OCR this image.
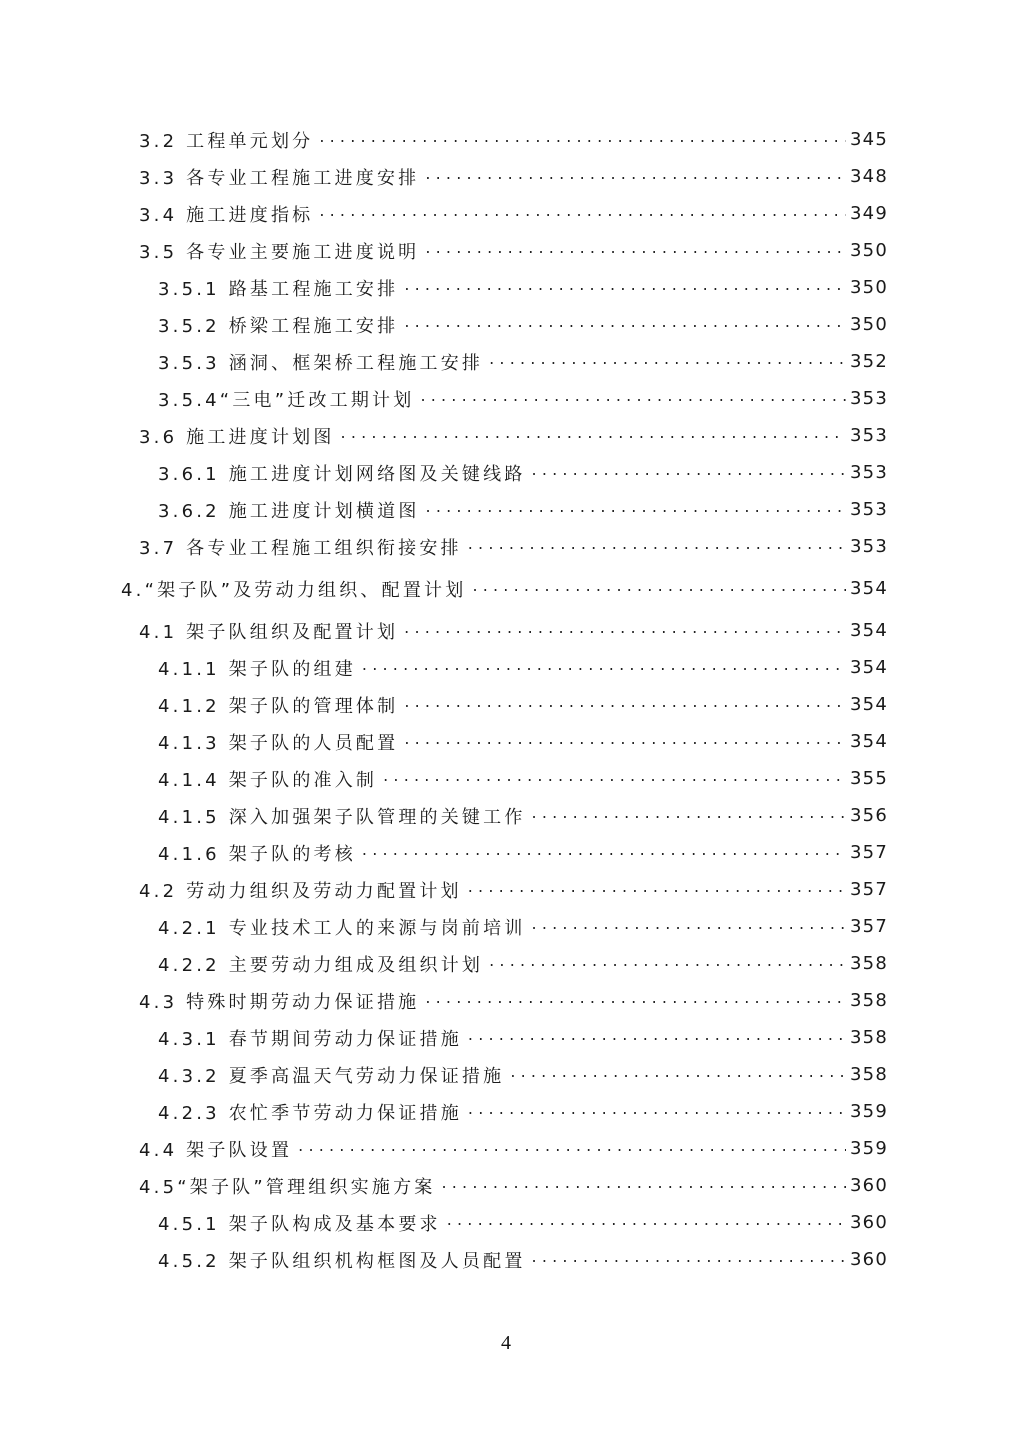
3.2 工程单元划分 .....	345
3.3 各专业工程施工进度安排 .....	348
3.4 施工进度指标 .....	349
3.5 各专业主要施工进度说明 .....	350
3.5.1 路基工程施工安排 .....	350
3.5.2 桥梁工程施工安排 .....	350
3.5.3 涵洞、框架桥工程施工安排 .....	352
3.5.4“三电”迁改工期计划 .....	353
3.6 施工进度计划图 .....	353
3.6.1 施工进度计划网络图及关键线路 .....	353
3.6.2 施工进度计划横道图 .....	353
3.7 各专业工程施工组织衔接安排 .....	353
4.“架子队”及劳动力组织、配置计划 .....	354
4.1 架子队组织及配置计划 .....	354
4.1.1 架子队的组建 .....	354
4.1.2 架子队的管理体制 .....	354
4.1.3 架子队的人员配置 .....	354
4.1.4 架子队的准入制 .....	355
4.1.5 深入加强架子队管理的关键工作 .....	356
4.1.6 架子队的考核 .....	357
4.2 劳动力组织及劳动力配置计划 .....	357
4.2.1 专业技术工人的来源与岗前培训 .....	357
4.2.2 主要劳动力组成及组织计划 .....	358
4.3 特殊时期劳动力保证措施 .....	358
4.3.1 春节期间劳动力保证措施 .....	358
4.3.2 夏季高温天气劳动力保证措施 .....	358
4.2.3 农忙季节劳动力保证措施 .....	359
4.4 架子队设置 .....	359
4.5“架子队”管理组织实施方案 .....	360
4.5.1 架子队构成及基本要求 .....	360
4.5.2 架子队组织机构框图及人员配置 .....	360
4
